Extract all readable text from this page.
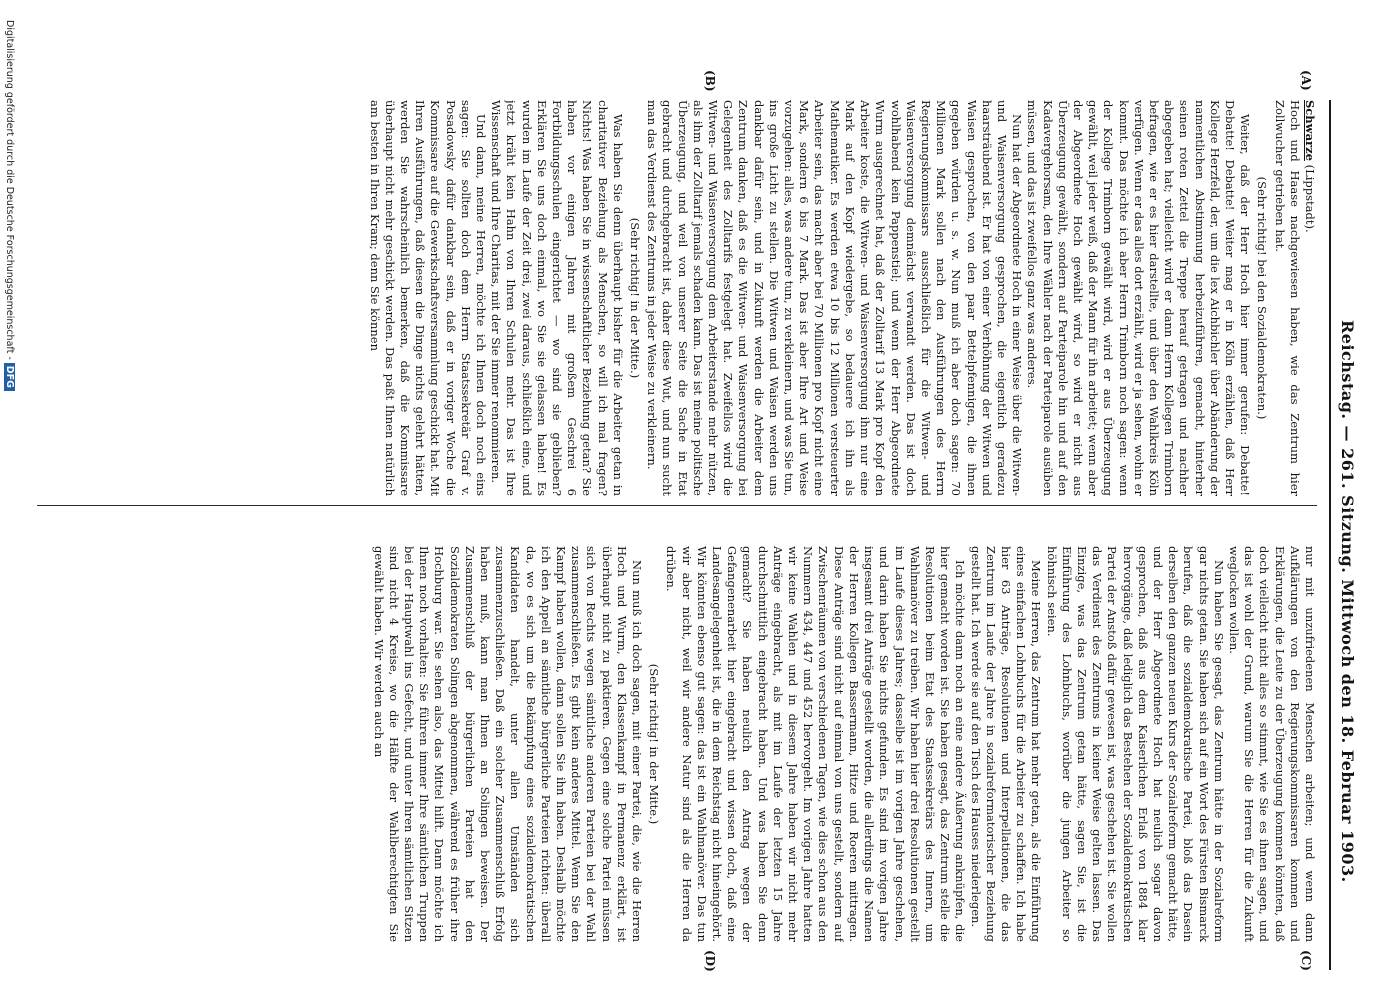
Reichstag. — 261. Sitzung. Mittwoch den 18. Februar 1903.

Schwarze (Lippstadt).

Hoch und Haase nachgewiesen haben, wie das Zentrum hier Zollwucher getrieben hat.

(Sehr richtig! bei den Sozialdemokraten.)

Weiter, daß der Herr Hoch hier immer gerufen: Debatte! Debatte! Debatte! Weiter mag er in Köln erzählen, daß Herr Kollege Herzfeld, der, um die lex Aichbichler über Abänderung der namentlichen Abstimmung herbeizuführen, gemacht, hinterher seinen roten Zettel die Treppe herauf getragen und nachher abgegeben hat; vielleicht wird er dann Herrn Kollegen Trimborn befragen, wie er es hier darstellte, und über den Wahlkreis Köln verfügen. Wenn er das alles dort erzählt, wird er ja sehen, wohin er kommt. Das möchte ich aber Herrn Trimborn noch sagen: wenn der Kollege Trimborn gewählt wird, wird er aus Überzeugung gewählt, weil jeder weiß, daß der Mann für ihn arbeitet; wenn aber der Abgeordnete Hoch gewählt wird, so wird er nicht aus Überzeugung gewählt, sondern auf Parteiparole hin und auf den Kadavergehorsam, den Ihre Wähler nach der Parteiparole ausüben müssen, und das ist zweifellos ganz was anderes.

Nun hat der Abgeordnete Hoch in einer Weise über die Witwen- und Waisenversorgung gesprochen, die eigentlich geradezu haarsträubend ist. Er hat von einer Verhöhnung der Witwen und Waisen gesprochen, von den paar Bettelpfennigen, die ihnen gegeben würden u. s. w. Nun muß ich aber doch sagen: 70 Millionen Mark sollen nach den Ausführungen des Herrn Regierungskommissars ausschließlich für die Witwen- und Waisenversorgung demnächst verwandt werden. Das ist doch wohlhabend kein Pappenstiel; und wenn der Herr Abgeordnete Wurm ausgerechnet hat, daß der Zolltarif 13 Mark pro Kopf den Arbeiter koste, die Witwen- und Waisenversorgung ihm nur eine Mark auf den Kopf wiedergebe, so bedauere ich ihn als Mathematiker. Es werden etwa 10 bis 12 Millionen versteuerter Arbeiter sein, das macht aber bei 70 Millionen pro Kopf nicht eine Mark, sondern 6 bis 7 Mark. Das ist aber Ihre Art und Weise vorzugehen: alles, was andere tun, zu verkleinern, und was Sie tun, ins große Licht zu stellen. Die Witwen und Waisen werden uns dankbar dafür sein, und in Zukunft werden die Arbeiter dem Zentrum danken, daß es die Witwen- und Waisenversorgung bei Gelegenheit des Zolltarifs festgelegt hat. Zweifellos wird die Witwen- und Waisenversorgung dem Arbeiterstande mehr nützen, als ihm der Zolltarif jemals schaden kann. Das ist meine politische Überzeugung, und weil von unserer Seite die Sache in Etat gebracht und durchgebracht ist, daher diese Wut, und nun sucht man das Verdienst des Zentrums in jeder Weise zu verkleinern.

(Sehr richtig! in der Mitte.)

Was haben Sie denn überhaupt bisher für die Arbeiter getan in charitativer Beziehung als Menschen, so will ich mal fragen? Nichts! Was haben Sie in wissenschaftlicher Beziehung getan? Sie haben vor einigen Jahren mit großem Geschrei 6 Fortbildungsschulen eingerichtet — wo sind sie geblieben? Erklären Sie uns doch einmal, wo Sie sie gelassen haben! Es wurden im Laufe der Zeit drei, zwei daraus, schließlich eine, und jetzt kräht kein Hahn von Ihren Schulen mehr. Das ist Ihre Wissenschaft und Ihre Charitas, mit der Sie immer renommieren.

Und dann, meine Herren, möchte ich Ihnen doch noch eins sagen: Sie sollten doch dem Herrn Staatssekretär Graf v. Posadowsky dafür dankbar sein, daß er in voriger Woche die Kommissare auf die Gewerkschaftsversammlung geschickt hat. Mit Ihren Ausführungen, daß diesen die Dinge nichts gelehrt hätten, werden Sie wahrscheinlich bemerken, daß die Kommissare überhaupt nicht mehr geschickt werden. Das paßt Ihnen natürlich am besten in Ihren Kram; denn Sie können

nur mit unzufriedenen Menschen arbeiten; und wenn dann Aufklärungen von den Regierungskommissaren kommen und Erklärungen, die Leute zu der Überzeugung kommen könnten, daß doch vielleicht nicht alles so stimmt, wie Sie es ihnen sagen, und das ist wohl der Grund, warum Sie die Herren für die Zukunft weglocken wollen.

Nun haben Sie gesagt, das Zentrum hätte in der Sozialreform gar nichts getan. Sie haben sich auf ein Wort des Fürsten Bismarck berufen, daß die sozialdemokratische Partei, bloß das Dasein derselben den ganzen neuen Kurs der Sozialreform gemacht hätte, und der Herr Abgeordnete Hoch hat neulich sogar davon gesprochen, daß aus dem Kaiserlichen Erlaß von 1884 klar hervorgänge, daß lediglich das Bestehen der Sozialdemokratischen Partei der Anstoß dafür gewesen ist, was geschehen ist. Sie wollen das Verdienst des Zentrums in keiner Weise gelten lassen. Das Einzige, was das Zentrum getan hätte, sagen Sie, ist die Einführung des Lohnbuchs, worüber die jungen Arbeiter so höhnisch seien.

Meine Herren, das Zentrum hat mehr getan, als die Einführung eines einfachen Lohnbuchs für die Arbeiter zu schaffen. Ich habe hier 63 Anträge, Resolutionen und Interpellationen, die das Zentrum im Laufe der Jahre in sozialreformatorischer Beziehung gestellt hat. Ich werde sie auf den Tisch des Hauses niederlegen.

Ich möchte dann noch an eine andere Äußerung anknüpfen, die hier gemacht worden ist. Sie haben gesagt, das Zentrum stelle die Resolutionen beim Etat des Staatssekretärs des Innern, um Wahlmanöver zu treiben. Wir haben hier drei Resolutionen gestellt im Laufe dieses Jahres; dasselbe ist im vorigen Jahre geschehen, und darin haben Sie nichts gefunden. Es sind im vorigen Jahre insgesamt drei Anträge gestellt worden, die allerdings die Namen der Herren Kollegen Bassermann, Hitze und Roeren mittragen. Diese Anträge sind nicht auf einmal von uns gestellt, sondern auf Zwischenräumen von verschiedenen Tagen, wie dies schon aus den Nummern 434, 447 und 452 hervorgeht. Im vorigen Jahre hatten wir keine Wahlen und in diesem Jahre haben wir nicht mehr Anträge eingebracht, als mit im Laufe der letzten 15 Jahre durchschnittlich eingebracht haben. Und was haben Sie denn gemacht? Sie haben neulich den Antrag wegen der Gefangenenarbeit hier eingebracht und wissen doch, daß eine Landesangelegenheit ist, die in dem Reichstag nicht hineingehört. Wir könnten ebenso gut sagen: das ist ein Wahlmanöver. Das tun wir aber nicht, weil wir andere Natur sind als die Herren da drüben.

(Sehr richtig! in der Mitte.)

Nun muß ich doch sagen, mit einer Partei, die, wie die Herren Hoch und Wurm, den Klassenkampf in Permanenz erklärt, ist überhaupt nicht zu paktieren. Gegen eine solche Partei müssen sich von Rechts wegen sämtliche anderen Parteien bei der Wahl zusammenschließen. Es gibt kein anderes Mittel. Wenn Sie den Kampf haben wollen, dann sollen Sie ihn haben. Deshalb möchte ich den Appell an sämtliche bürgerliche Parteien richten: überall da, wo es sich um die Bekämpfung eines sozialdemokratischen Kandidaten handelt, unter allen Umständen sich zusammenzuschließen. Daß ein solcher Zusammenschluß Erfolg haben muß, kann man Ihnen an Solingen beweisen. Der Zusammenschluß der bürgerlichen Parteien hat den Sozialdemokraten Solingen abgenommen, während es früher ihre Hochburg war. Sie sehen also, das Mittel hilft. Dann möchte ich Ihnen noch vorhalten: Sie führen immer Ihre sämtlichen Truppen bei der Hauptwahl ins Gefecht, und unter Ihren sämtlichen Sitzen sind nicht 4 Kreise, wo die Hälfte der Wahlberechtigten Sie gewählt haben. Wir werden auch an

(A)
(B)
(C)
(D)
Digitalisierung gefördert durch die Deutsche Forschungsgemeinschaft - DFG
